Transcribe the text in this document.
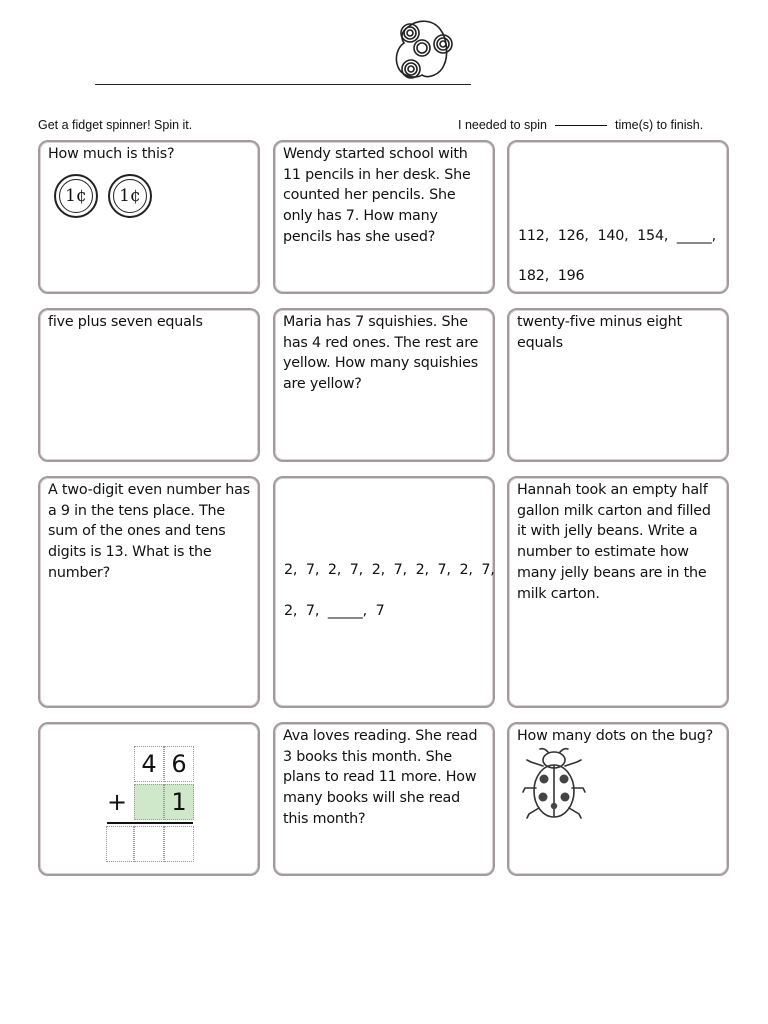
Get a fidget spinner! Spin it.	I needed to spin	time(s) to finish.
How much is this?
1¢	1¢
Wendy started school with 11 pencils in her desk. She counted her pencils. She only has 7. How many pencils has she used?	112,  126,  140,  154,  _____,
182,  196
five plus seven equals	Maria has 7 squishies. She has 4 red ones. The rest are yellow. How many squishies are yellow?
twenty-five minus eight equals
A two-digit even number has a 9 in the tens place. The sum of the ones and tens digits is 13. What is the number?	2,  7,  2,  7,  2,  7,  2,  7,  2,  7,
2,  7,  _____,  7
Hannah took an empty half gallon milk carton and filled it with jelly beans. Write a number to estimate how many jelly beans are in the milk carton.
4 6
+	1
Ava loves reading. She read 3 books this month. She plans to read 11 more. How many books will she read this month?
How many dots on the bug?
